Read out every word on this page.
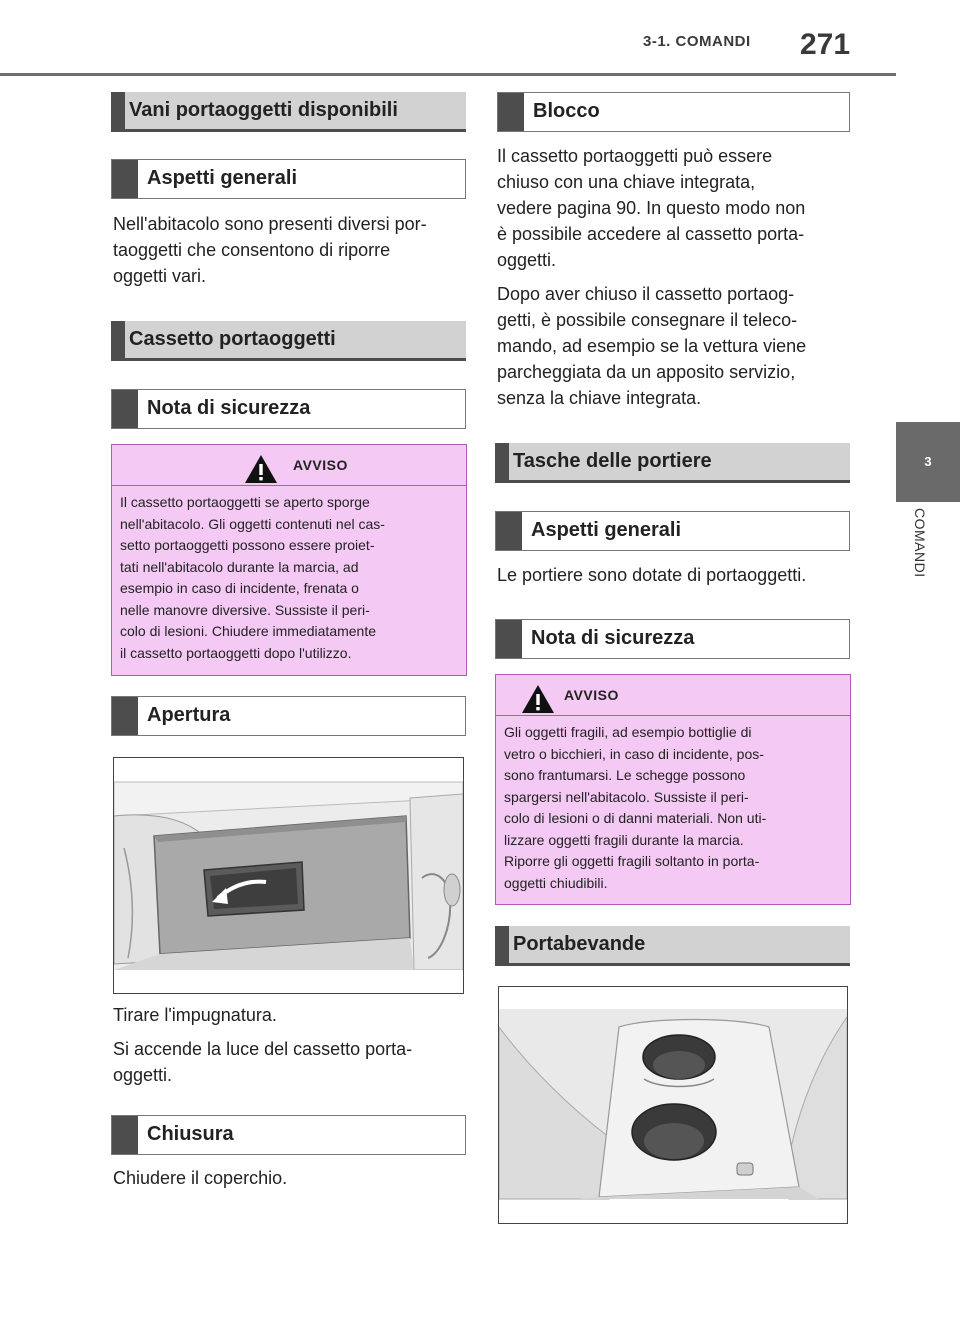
3-1. COMANDI 271
3
COMANDI
Vani portaoggetti disponibili
Aspetti generali
Nell'abitacolo sono presenti diversi por-
taoggetti che consentono di riporre
oggetti vari.
Cassetto portaoggetti
Nota di sicurezza
AVVISO
Il cassetto portaoggetti se aperto sporge
nell'abitacolo. Gli oggetti contenuti nel cas-
setto portaoggetti possono essere proiet-
tati nell'abitacolo durante la marcia, ad
esempio in caso di incidente, frenata o
nelle manovre diversive. Sussiste il peri-
colo di lesioni. Chiudere immediatamente
il cassetto portaoggetti dopo l'utilizzo.
Apertura
Tirare l'impugnatura.
Si accende la luce del cassetto porta-
oggetti.
Chiusura
Chiudere il coperchio.
Blocco
Il cassetto portaoggetti può essere
chiuso con una chiave integrata,
vedere pagina 90. In questo modo non
è possibile accedere al cassetto porta-
oggetti.
Dopo aver chiuso il cassetto portaog-
getti, è possibile consegnare il teleco-
mando, ad esempio se la vettura viene
parcheggiata da un apposito servizio,
senza la chiave integrata.
Tasche delle portiere
Aspetti generali
Le portiere sono dotate di portaoggetti.
Nota di sicurezza
AVVISO
Gli oggetti fragili, ad esempio bottiglie di
vetro o bicchieri, in caso di incidente, pos-
sono frantumarsi. Le schegge possono
spargersi nell'abitacolo. Sussiste il peri-
colo di lesioni o di danni materiali. Non uti-
lizzare oggetti fragili durante la marcia.
Riporre gli oggetti fragili soltanto in porta-
oggetti chiudibili.
Portabevande
